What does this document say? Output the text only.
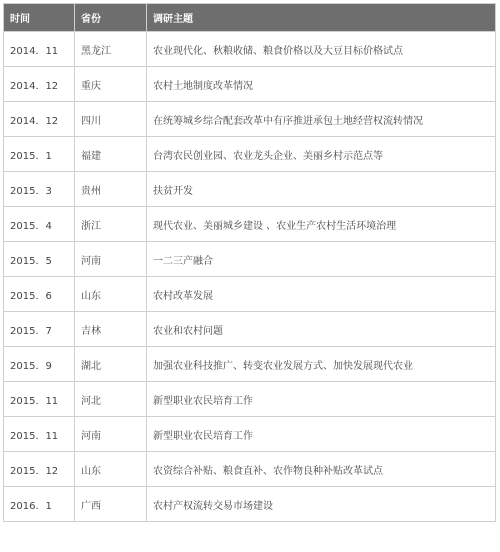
时间	省份	调研主题
2014．11	黑龙江	农业现代化、秋粮收储、粮食价格以及大豆目标价格试点
2014．12	重庆	农村土地制度改革情况
2014．12	四川	在统筹城乡综合配套改革中有序推进承包土地经营权流转情况
2015．1	福建	台湾农民创业园、农业龙头企业、美丽乡村示范点等
2015．3	贵州	扶贫开发
2015．4	浙江	现代农业、美丽城乡建设 、农业生产农村生活环境治理
2015．5	河南	一二三产融合
2015．6	山东	农村改革发展
2015．7	吉林	农业和农村问题
2015．9	湖北	加强农业科技推广、转变农业发展方式、加快发展现代农业
2015．11	河北	新型职业农民培育工作
2015．11	河南	新型职业农民培育工作
2015．12	山东	农资综合补贴、粮食直补、农作物良种补贴改革试点
2016．1	广西	农村产权流转交易市场建设
